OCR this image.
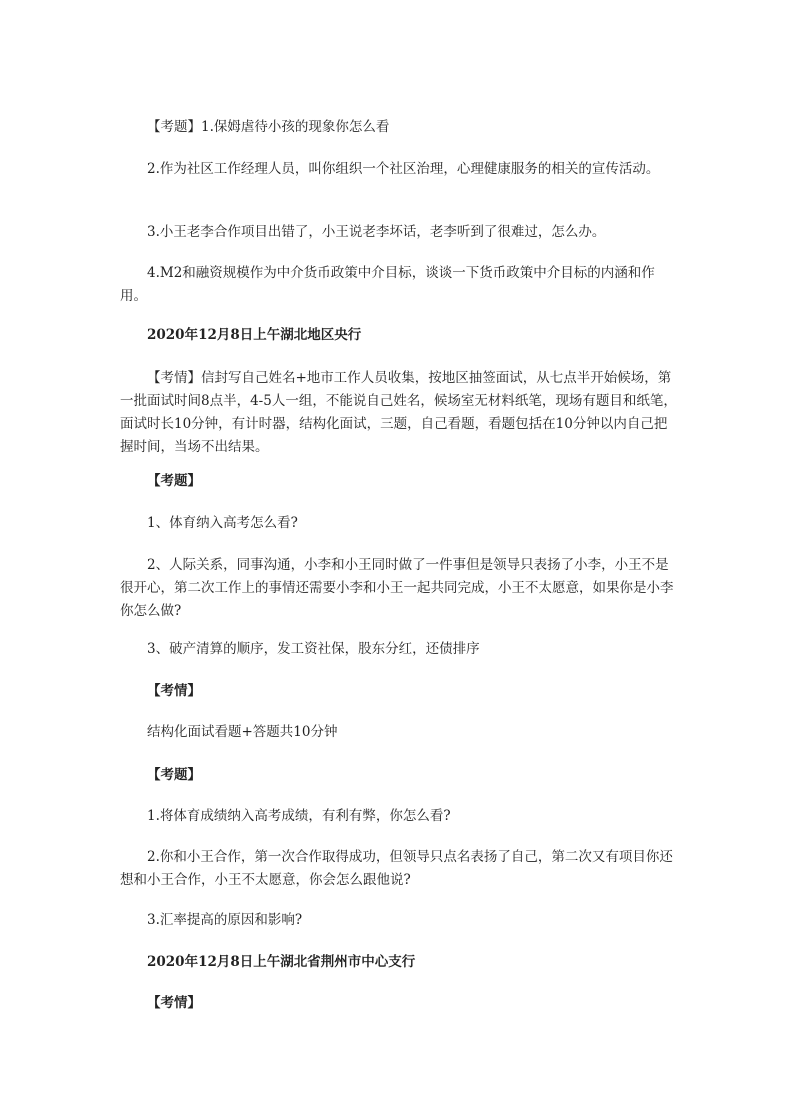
【考题】1.保姆虐待小孩的现象你怎么看

2.作为社区工作经理人员，叫你组织一个社区治理，心理健康服务的相关的宣传活动。

3.小王老李合作项目出错了，小王说老李坏话，老李听到了很难过，怎么办。

4.M2和融资规模作为中介货币政策中介目标，谈谈一下货币政策中介目标的内涵和作用。

2020年12月8日上午湖北地区央行

【考情】信封写自己姓名+地市工作人员收集，按地区抽签面试，从七点半开始候场，第一批面试时间8点半，4-5人一组，不能说自己姓名，候场室无材料纸笔，现场有题目和纸笔，面试时长10分钟，有计时器，结构化面试，三题，自己看题，看题包括在10分钟以内自己把握时间，当场不出结果。

【考题】

1、体育纳入高考怎么看?

2、人际关系，同事沟通，小李和小王同时做了一件事但是领导只表扬了小李，小王不是很开心，第二次工作上的事情还需要小李和小王一起共同完成，小王不太愿意，如果你是小李你怎么做?

3、破产清算的顺序，发工资社保，股东分红，还债排序

【考情】

结构化面试看题+答题共10分钟

【考题】

1.将体育成绩纳入高考成绩，有利有弊，你怎么看?

2.你和小王合作，第一次合作取得成功，但领导只点名表扬了自己，第二次又有项目你还想和小王合作，小王不太愿意，你会怎么跟他说?

3.汇率提高的原因和影响?

2020年12月8日上午湖北省荆州市中心支行

【考情】
